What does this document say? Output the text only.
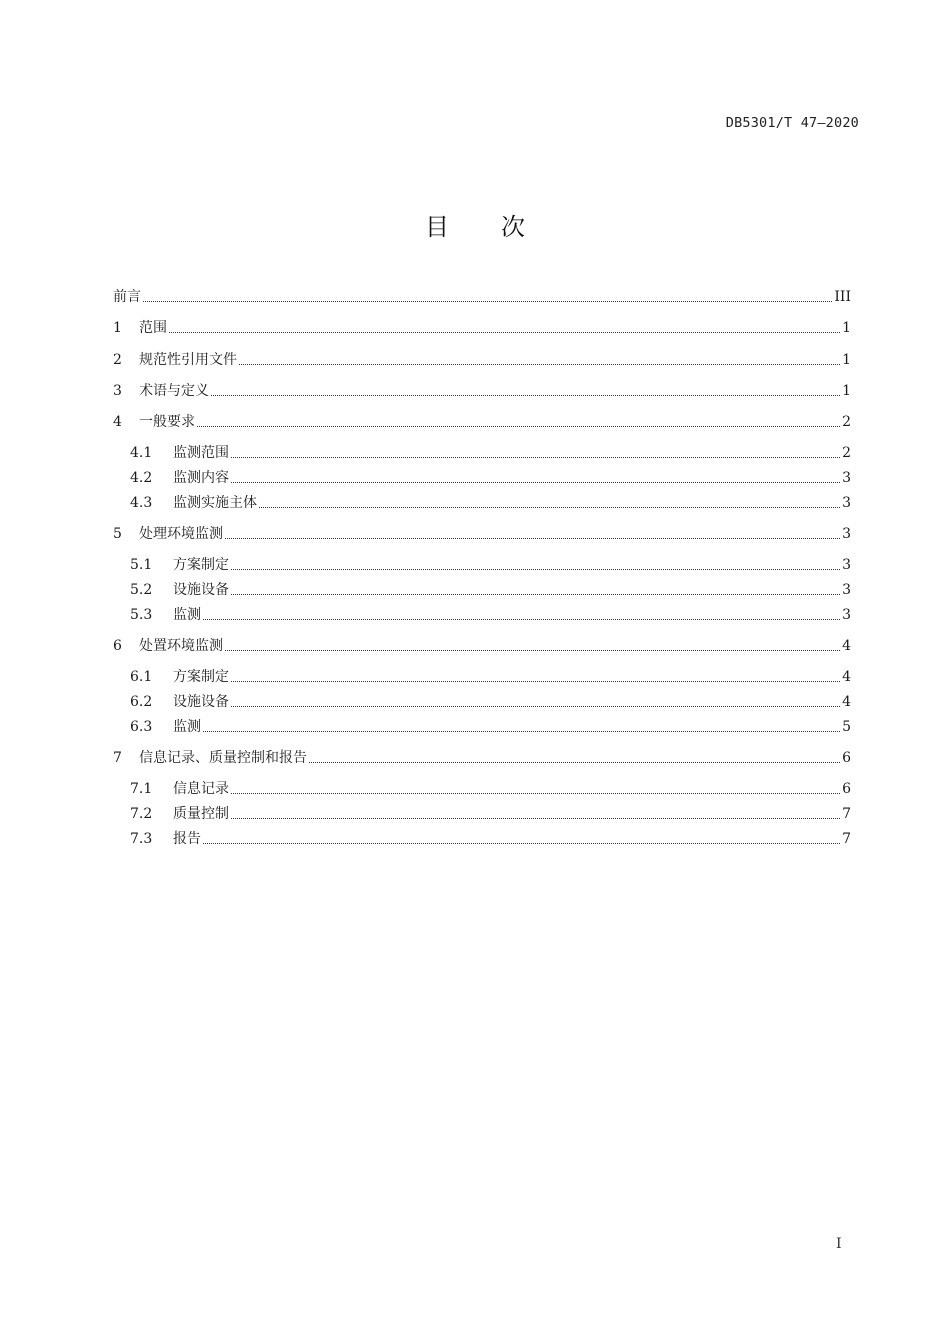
DB5301/T 47—2020
目 次
前言	III
1	范围	1
2	规范性引用文件	1
3	术语与定义	1
4	一般要求	2
4.1	监测范围	2
4.2	监测内容	3
4.3	监测实施主体	3
5	处理环境监测	3
5.1	方案制定	3
5.2	设施设备	3
5.3	监测	3
6	处置环境监测	4
6.1	方案制定	4
6.2	设施设备	4
6.3	监测	5
7	信息记录、质量控制和报告	6
7.1	信息记录	6
7.2	质量控制	7
7.3	报告	7
I
